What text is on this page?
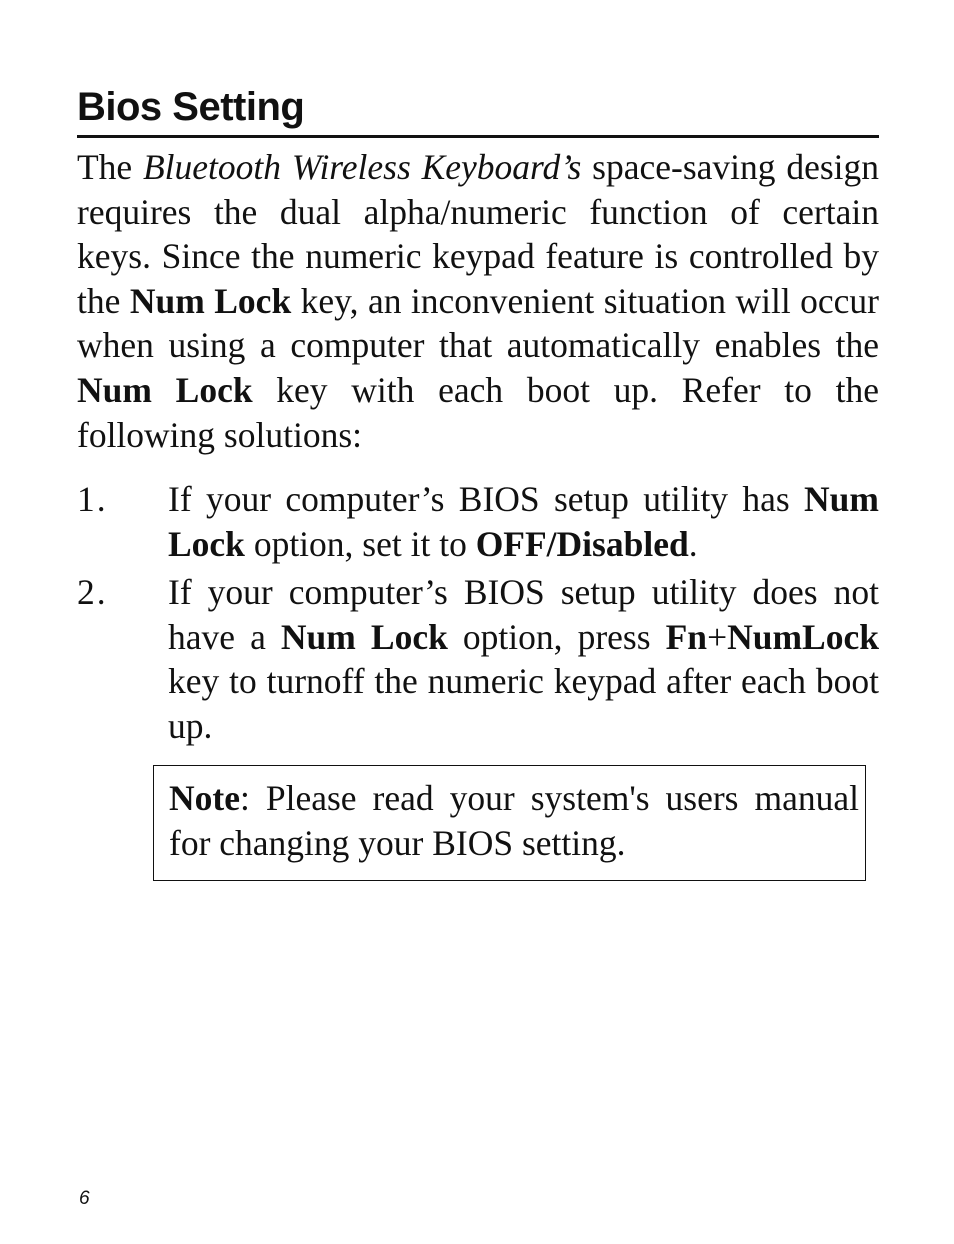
Bios Setting

The Bluetooth Wireless Keyboard’s space-saving design requires the dual alpha/numeric function of certain keys. Since the numeric keypad feature is controlled by the Num Lock key, an inconvenient situation will occur when using a computer that automatically enables the Num Lock key with each boot up. Refer to the following solutions:

1.	If your computer’s BIOS setup utility has Num Lock option, set it to OFF/Disabled.
2.	If your computer’s BIOS setup utility does not have a Num Lock option, press Fn+NumLock key to turnoff the numeric keypad after each boot up.
Note: Please read your system's users manual for changing your BIOS setting.
6
